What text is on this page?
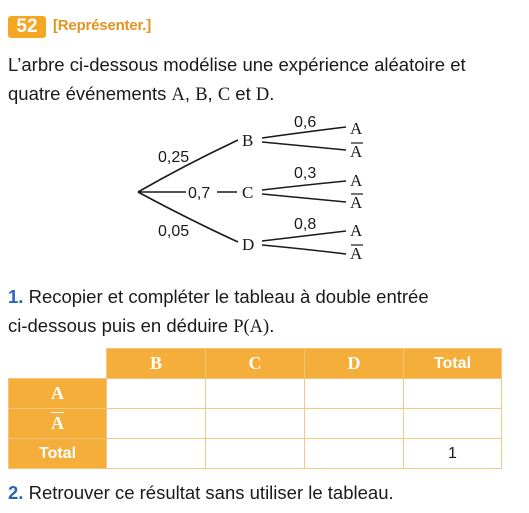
52	[Représenter.]
L’arbre ci-dessous modélise une expérience aléatoire et
quatre événements A, B, C et D.
0,25
0,7
0,05
B
C
D
0,6
0,3
0,8
A
A
A
A
A
A
1. Recopier et compléter le tableau à double entrée
ci-dessous puis en déduire P(A).
	B	C	D	Total
A				
$\overline{A}$				
Total				1
2. Retrouver ce résultat sans utiliser le tableau.
